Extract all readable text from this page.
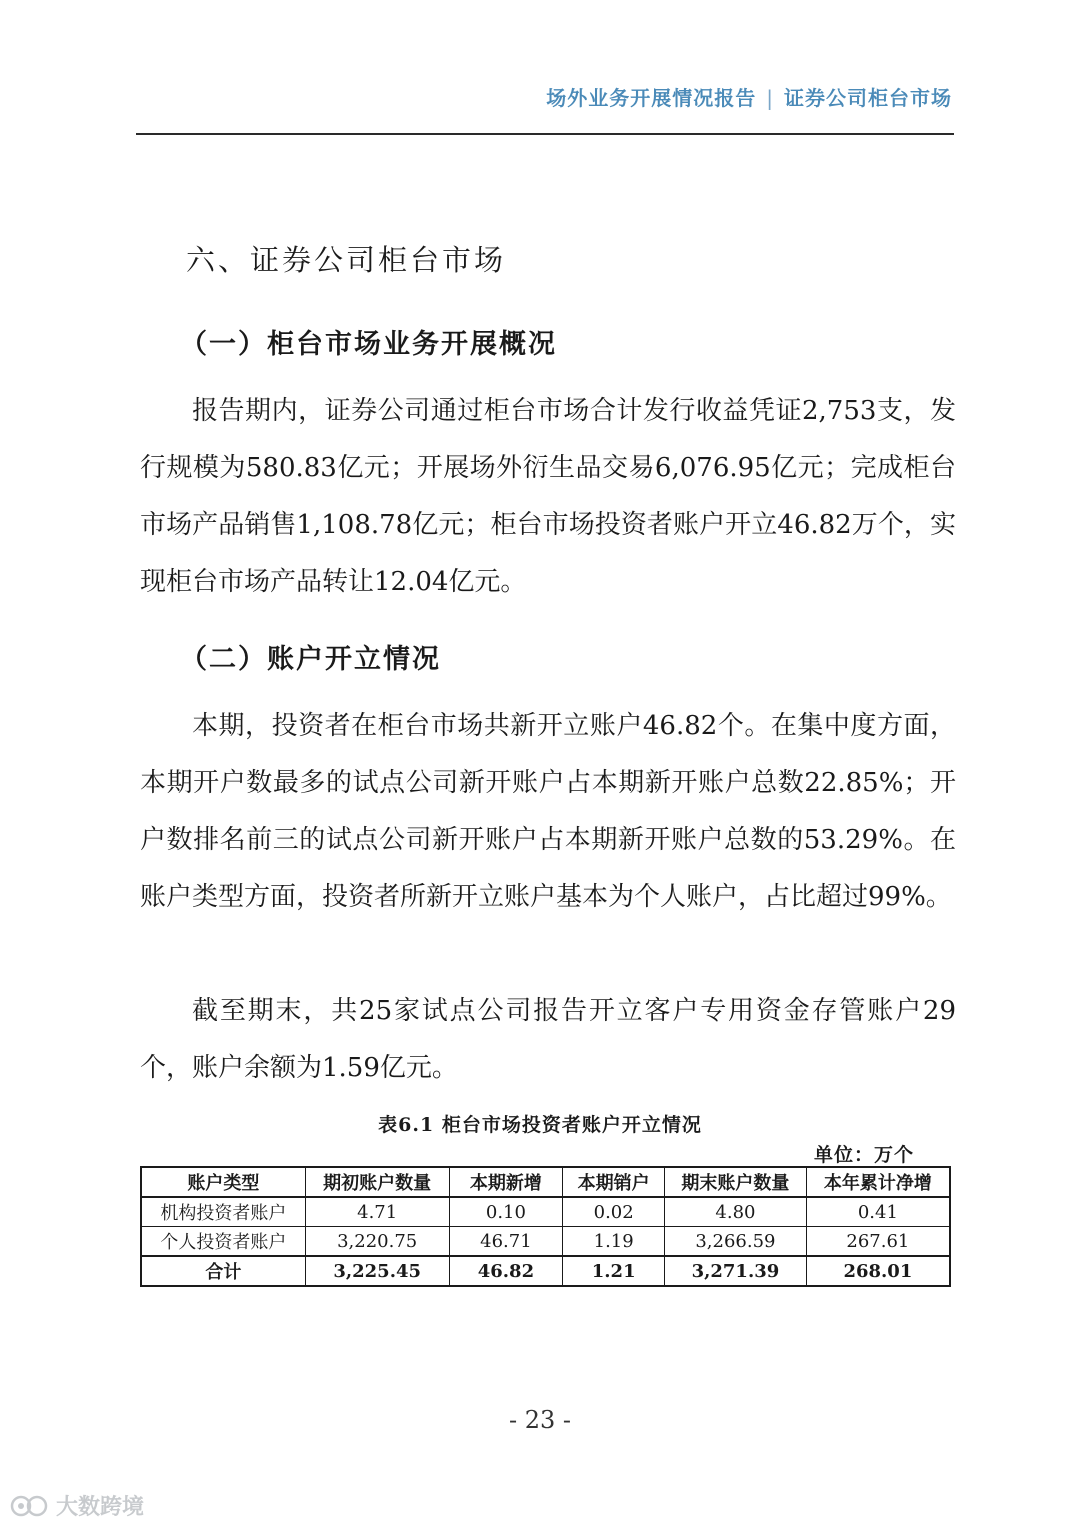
场外业务开展情况报告 | 证券公司柜台市场
六、证券公司柜台市场
（一）柜台市场业务开展概况

报告期内，证券公司通过柜台市场合计发行收益凭证2,753支，发行规模为580.83亿元；开展场外衍生品交易6,076.95亿元；完成柜台市场产品销售1,108.78亿元；柜台市场投资者账户开立46.82万个，实现柜台市场产品转让12.04亿元。

（二）账户开立情况

本期，投资者在柜台市场共新开立账户46.82个。在集中度方面，本期开户数最多的试点公司新开账户占本期新开账户总数22.85%；开户数排名前三的试点公司新开账户占本期新开账户总数的53.29%。在账户类型方面，投资者所新开立账户基本为个人账户，占比超过99%。

截至期末，共25家试点公司报告开立客户专用资金存管账户29个，账户余额为1.59亿元。

表6.1 柜台市场投资者账户开立情况
单位：万个
账户类型	期初账户数量	本期新增	本期销户	期末账户数量	本年累计净增
机构投资者账户	4.71	0.10	0.02	4.80	0.41
个人投资者账户	3,220.75	46.71	1.19	3,266.59	267.61
合计	3,225.45	46.82	1.21	3,271.39	268.01
- 23 -
大数跨境
